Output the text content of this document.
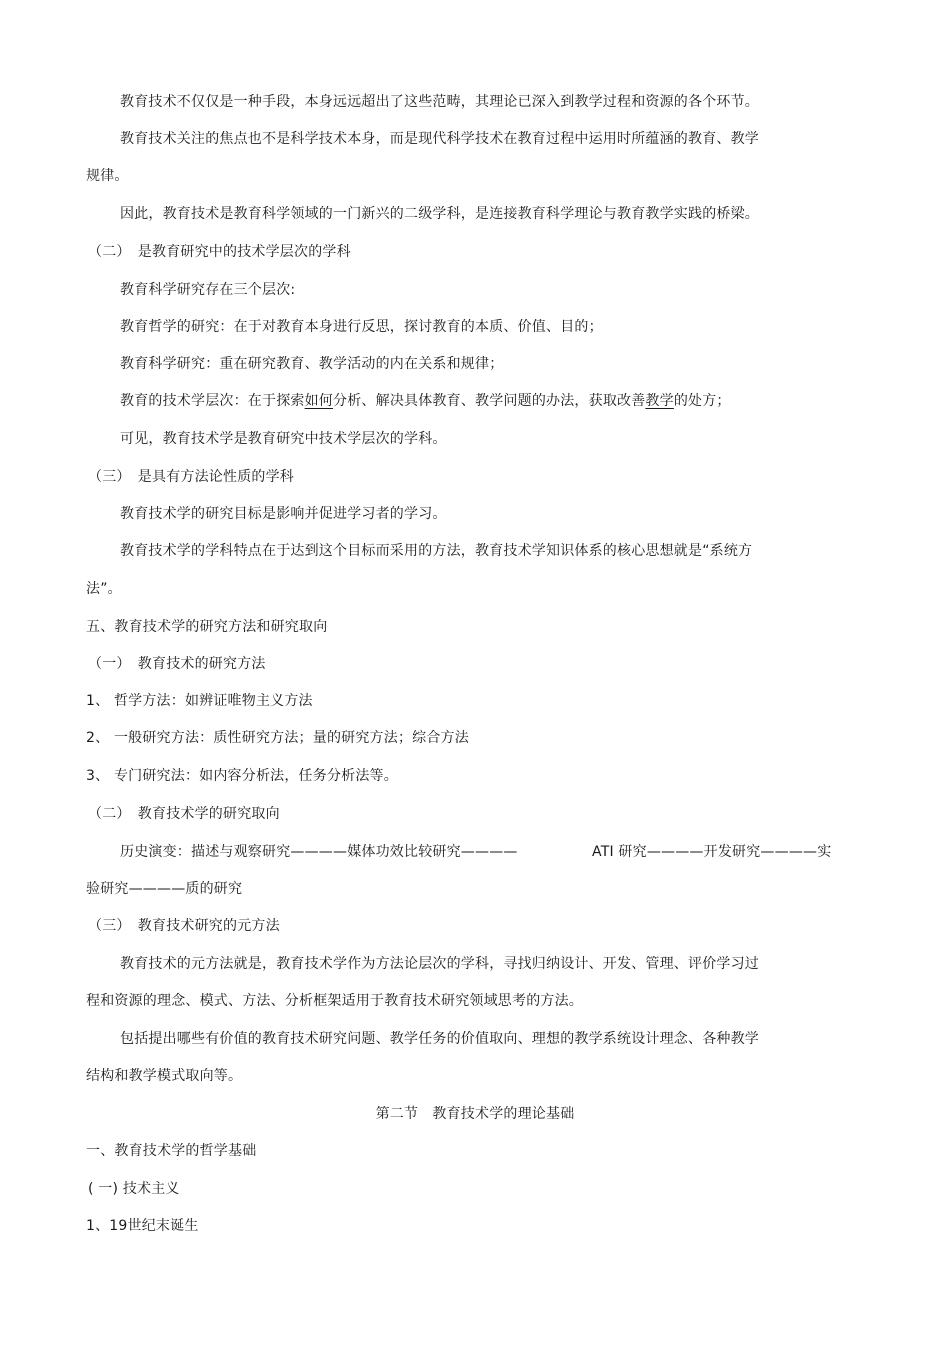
教育技术不仅仅是一种手段，本身远远超出了这些范畴，其理论已深入到教学过程和资源的各个环节。
教育技术关注的焦点也不是科学技术本身，而是现代科学技术在教育过程中运用时所蕴涵的教育、教学
规律。
因此，教育技术是教育科学领域的一门新兴的二级学科，是连接教育科学理论与教育教学实践的桥梁。
（二）　是教育研究中的技术学层次的学科
教育科学研究存在三个层次:
教育哲学的研究：在于对教育本身进行反思，探讨教育的本质、价值、目的；
教育科学研究：重在研究教育、教学活动的内在关系和规律；
教育的技术学层次：在于探索如何分析、解决具体教育、教学问题的办法，获取改善教学的处方；
可见，教育技术学是教育研究中技术学层次的学科。
（三）　是具有方法论性质的学科
教育技术学的研究目标是影响并促进学习者的学习。
教育技术学的学科特点在于达到这个目标而采用的方法，教育技术学知识体系的核心思想就是“系统方
法”。
五、教育技术学的研究方法和研究取向
（一）　教育技术的研究方法
1、 哲学方法：如辨证唯物主义方法
2、 一般研究方法：质性研究方法；量的研究方法；综合方法
3、 专门研究法：如内容分析法，任务分析法等。
（二）　教育技术学的研究取向
历史演变：描述与观察研究————媒体功效比较研究————	ATI 研究————开发研究————实
验研究————质的研究
（三）　教育技术研究的元方法
教育技术的元方法就是，教育技术学作为方法论层次的学科，寻找归纳设计、开发、管理、评价学习过
程和资源的理念、模式、方法、分析框架适用于教育技术研究领域思考的方法。
包括提出哪些有价值的教育技术研究问题、教学任务的价值取向、理想的教学系统设计理念、各种教学
结构和教学模式取向等。
第二节　教育技术学的理论基础
一、教育技术学的哲学基础
( 一) 技术主义
1、19世纪末诞生
